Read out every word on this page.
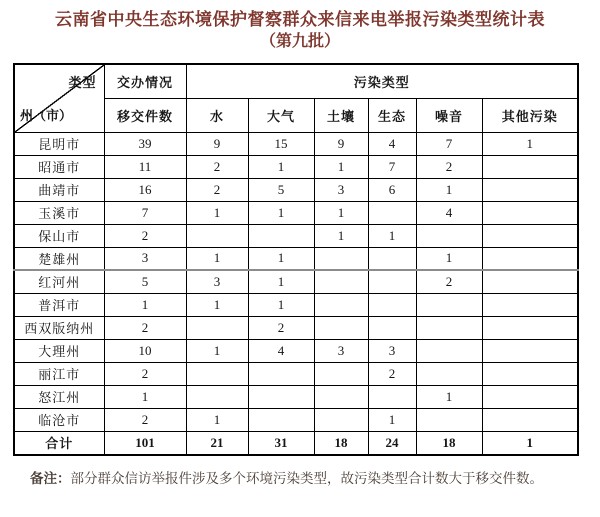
云南省中央生态环境保护督察群众来信来电举报污染类型统计表
（第九批）
类型
州（市）	交办情况	污染类型					
	移交件数	水	大气	土壤	生态	噪音	其他污染
昆明市	39	9	15	9	4	7	1
昭通市	11	2	1	1	7	2	
曲靖市	16	2	5	3	6	1	
玉溪市	7	1	1	1		4	
保山市	2			1	1		
楚雄州	3	1	1			1	
红河州	5	3	1			2	
普洱市	1	1	1				
西双版纳州	2		2				
大理州	10	1	4	3	3		
丽江市	2				2		
怒江州	1					1	
临沧市	2	1			1		
合计	101	21	31	18	24	18	1

备注：部分群众信访举报件涉及多个环境污染类型，故污染类型合计数大于移交件数。
